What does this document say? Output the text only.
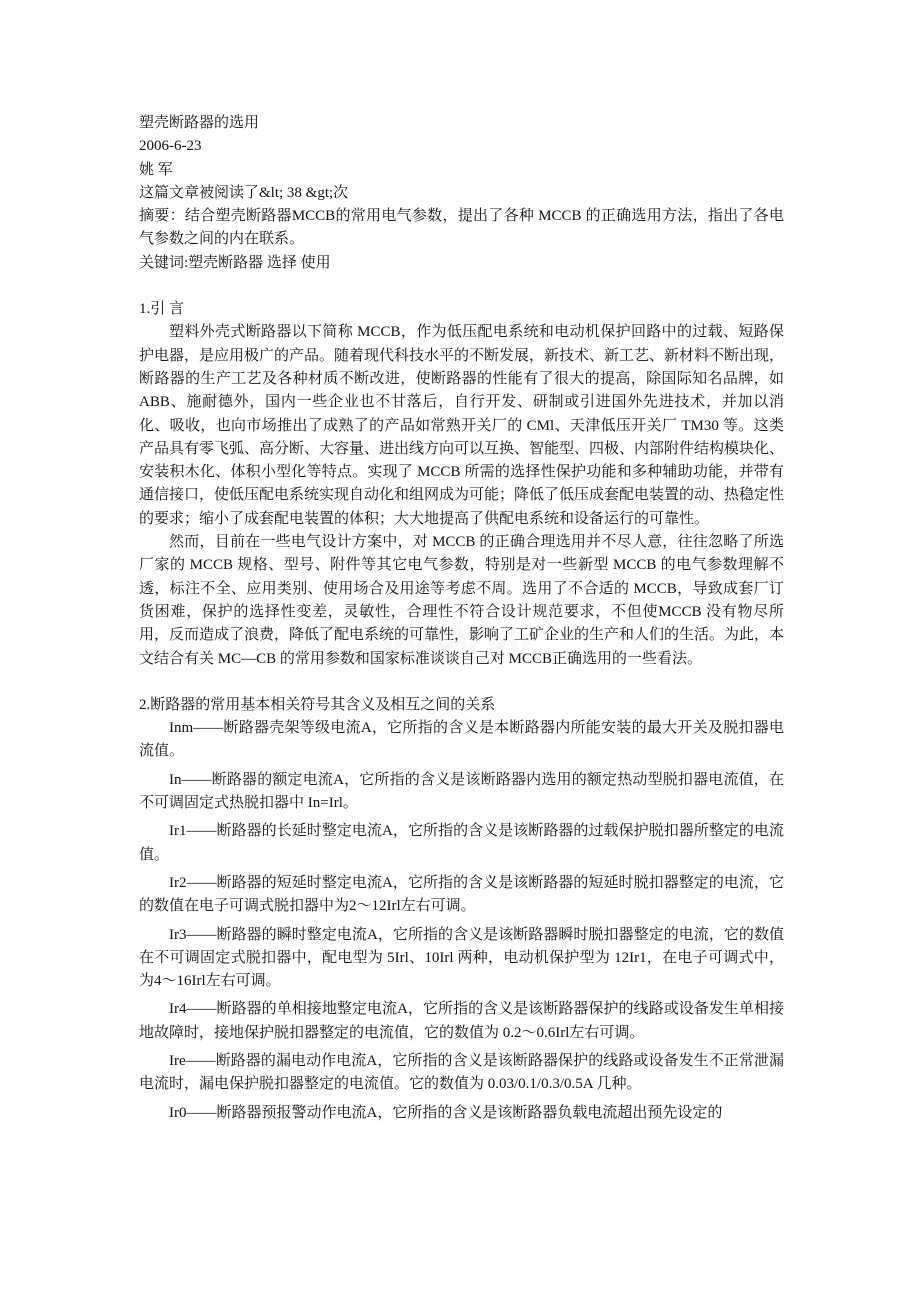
www
塑壳断路器的选用
2006-6-23
姚 军
这篇文章被阅读了&lt; 38 &gt;次
摘要：结合塑壳断路器MCCB的常用电气参数，提出了各种 MCCB 的正确选用方法，指出了各电气参数之间的内在联系。
关键词:塑壳断路器 选择 使用
1.引 言

塑料外壳式断路器以下简称 MCCB，作为低压配电系统和电动机保护回路中的过载、短路保护电器，是应用极广的产品。随着现代科技水平的不断发展，新技术、新工艺、新材料不断出现，断路器的生产工艺及各种材质不断改进，使断路器的性能有了很大的提高，除国际知名品牌，如 ABB、施耐德外，国内一些企业也不甘落后，自行开发、研制或引进国外先进技术，并加以消化、吸收，也向市场推出了成熟了的产品如常熟开关厂的 CMl、天津低压开关厂 TM30 等。这类产品具有零飞弧、高分断、大容量、进出线方向可以互换、智能型、四极、内部附件结构模块化、安装积木化、体积小型化等特点。实现了 MCCB 所需的选择性保护功能和多种辅助功能，并带有通信接口，使低压配电系统实现自动化和组网成为可能；降低了低压成套配电装置的动、热稳定性的要求；缩小了成套配电装置的体积；大大地提高了供配电系统和设备运行的可靠性。

然而，目前在一些电气设计方案中，对 MCCB 的正确合理选用并不尽人意，往往忽略了所选厂家的 MCCB 规格、型号、附件等其它电气参数，特别是对一些新型 MCCB 的电气参数理解不透，标注不全、应用类别、使用场合及用途等考虑不周。选用了不合适的 MCCB，导致成套厂订货困难，保护的选择性变差，灵敏性，合理性不符合设计规范要求，不但使MCCB 没有物尽所用，反而造成了浪费，降低了配电系统的可靠性，影响了工矿企业的生产和人们的生活。为此，本文结合有关 MC—CB 的常用参数和国家标准谈谈自己对 MCCB正确选用的一些看法。

2.断路器的常用基本相关符号其含义及相互之间的关系

Inm——断路器壳架等级电流A，它所指的含义是本断路器内所能安装的最大开关及脱扣器电流值。

In——断路器的额定电流A，它所指的含义是该断路器内选用的额定热动型脱扣器电流值，在不可调固定式热脱扣器中 In=Irl。

Ir1——断路器的长延时整定电流A，它所指的含义是该断路器的过载保护脱扣器所整定的电流值。

Ir2——断路器的短延时整定电流A，它所指的含义是该断路器的短延时脱扣器整定的电流，它的数值在电子可调式脱扣器中为2～12Irl左右可调。

Ir3——断路器的瞬时整定电流A，它所指的含义是该断路器瞬时脱扣器整定的电流，它的数值在不可调固定式脱扣器中，配电型为 5Irl、10Irl 两种，电动机保护型为 12Ir1，在电子可调式中，为4～16Irl左右可调。

Ir4——断路器的单相接地整定电流A，它所指的含义是该断路器保护的线路或设备发生单相接地故障时，接地保护脱扣器整定的电流值，它的数值为 0.2～0.6Irl左右可调。

Ire——断路器的漏电动作电流A，它所指的含义是该断路器保护的线路或设备发生不正常泄漏电流时，漏电保护脱扣器整定的电流值。它的数值为 0.03/0.1/0.3/0.5A 几种。

Ir0——断路器预报警动作电流A，它所指的含义是该断路器负载电流超出预先设定的
